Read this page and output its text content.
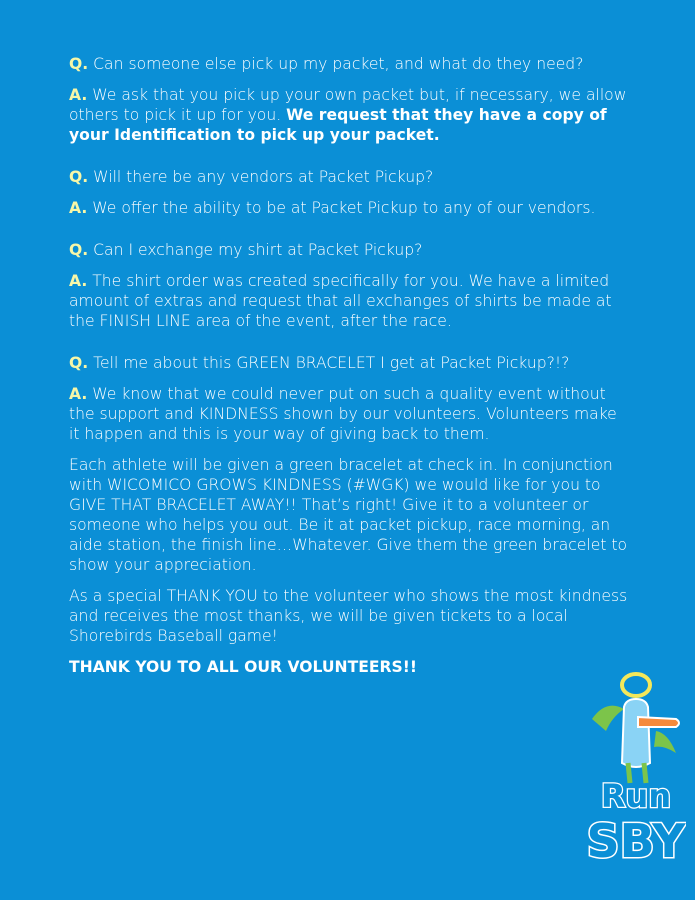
Q. Can someone else pick up my packet, and what do they need?
A. We ask that you pick up your own packet but, if necessary, we allow others to pick it up for you. We request that they have a copy of your Identification to pick up your packet.
Q. Will there be any vendors at Packet Pickup?
A. We offer the ability to be at Packet Pickup to any of our vendors.
Q. Can I exchange my shirt at Packet Pickup?
A. The shirt order was created specifically for you. We have a limited amount of extras and request that all exchanges of shirts be made at the FINISH LINE area of the event, after the race.
Q. Tell me about this GREEN BRACELET I get at Packet Pickup?!?
A. We know that we could never put on such a quality event without the support and KINDNESS shown by our volunteers. Volunteers make it happen and this is your way of giving back to them.
Each athlete will be given a green bracelet at check in. In conjunction with WICOMICO GROWS KINDNESS (#WGK) we would like for you to GIVE THAT BRACELET AWAY!! That’s right! Give it to a volunteer or someone who helps you out. Be it at packet pickup, race morning, an aide station, the finish line…Whatever. Give them the green bracelet to show your appreciation.
As a special THANK YOU to the volunteer who shows the most kindness and receives the most thanks, we will be given tickets to a local Shorebirds Baseball game!
THANK YOU TO ALL OUR VOLUNTEERS!!
Run
SBY
